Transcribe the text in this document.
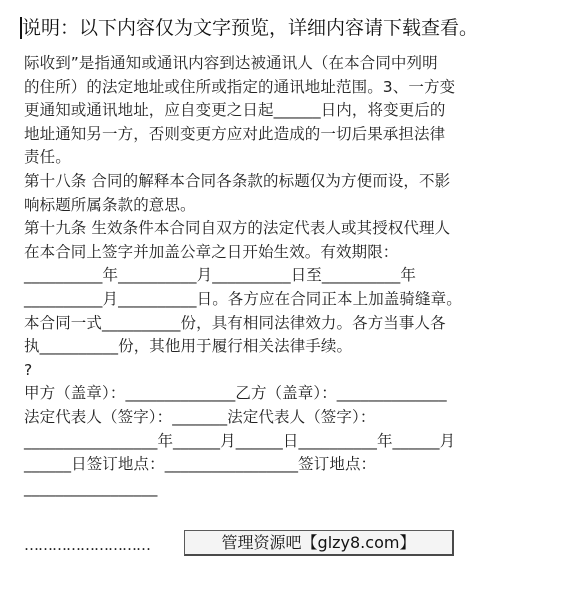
说明：以下内容仅为文字预览，详细内容请下载查看。
际收到”是指通知或通讯内容到达被通讯人（在本合同中列明
的住所）的法定地址或住所或指定的通讯地址范围。3、一方变
更通知或通讯地址，应自变更之日起______日内，将变更后的
地址通知另一方，否则变更方应对此造成的一切后果承担法律
责任。
第十八条 合同的解释本合同各条款的标题仅为方便而设，不影
响标题所属条款的意思。
第十九条 生效条件本合同自双方的法定代表人或其授权代理人
在本合同上签字并加盖公章之日开始生效。有效期限：
__________年__________月__________日至__________年
__________月__________日。各方应在合同正本上加盖骑缝章。
本合同一式__________份，具有相同法律效力。各方当事人各
执__________份，其他用于履行相关法律手续。
?
甲方（盖章）：______________乙方（盖章）：______________
法定代表人（签字）：_______法定代表人（签字）：
_________________年______月______日__________年______月
______日签订地点：_________________签订地点：
_________________
………………………	管理资源吧【glzy8.com】
